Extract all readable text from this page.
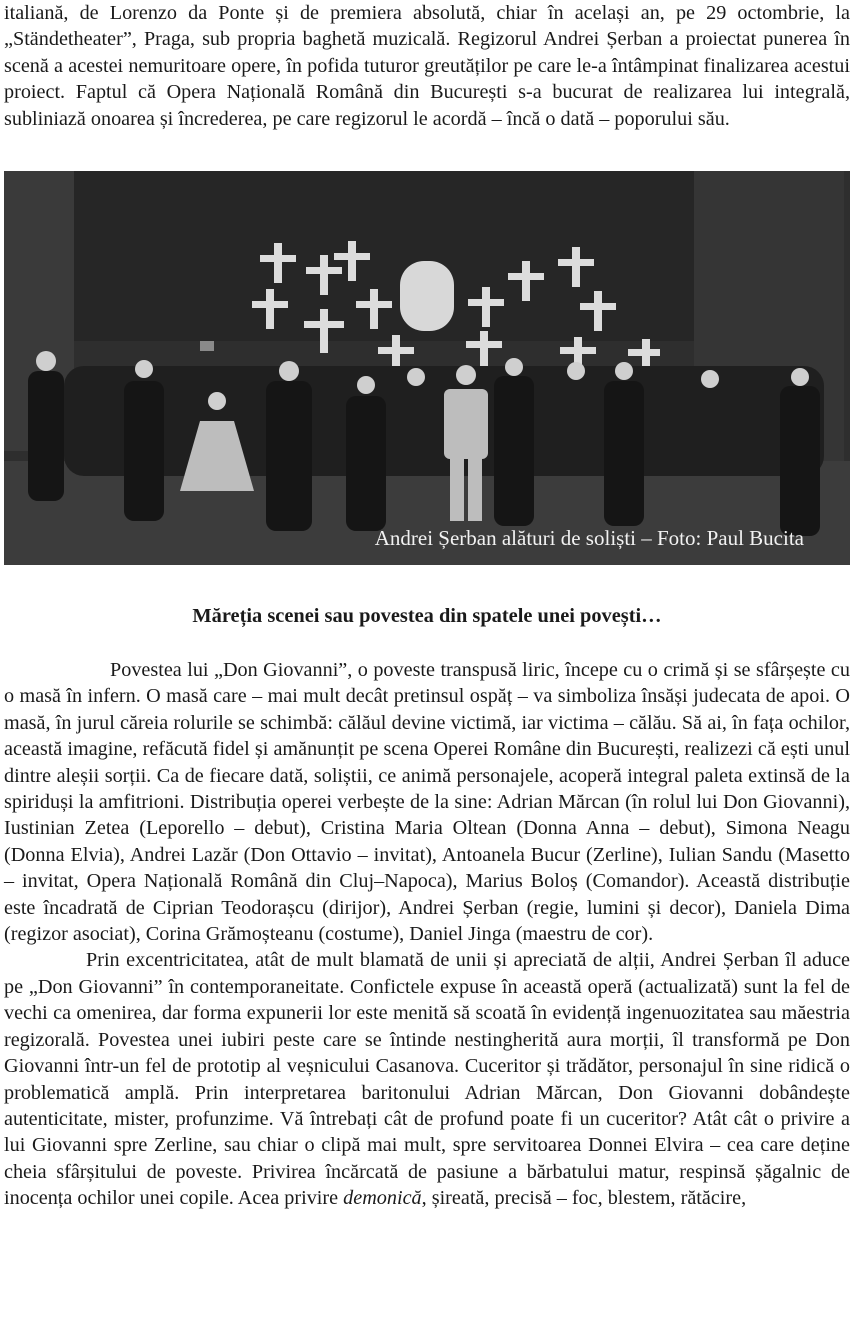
italiană, de Lorenzo da Ponte și de premiera absolută, chiar în același an, pe 29 octombrie, la „Ständetheater”, Praga, sub propria baghetă muzicală. Regizorul Andrei Șerban a proiectat punerea în scenă a acestei nemuritoare opere, în pofida tuturor greutăților pe care le-a întâmpinat finalizarea acestui proiect. Faptul că Opera Națională Română din București s-a bucurat de realizarea lui integrală, subliniază onoarea și încrederea, pe care regizorul le acordă – încă o dată – poporului său.

Andrei Șerban alături de soliști – Foto: Paul Bucita
Măreția scenei sau povestea din spatele unei povești…

Povestea lui „Don Giovanni”, o poveste transpusă liric, începe cu o crimă și se sfârșește cu o masă în infern. O masă care – mai mult decât pretinsul ospăț – va simboliza însăși judecata de apoi. O masă, în jurul căreia rolurile se schimbă: călăul devine victimă, iar victima – călău. Să ai, în fața ochilor, această imagine, refăcută fidel și amănunțit pe scena Operei Române din București, realizezi că ești unul dintre aleșii sorții. Ca de fiecare dată, soliștii, ce animă personajele, acoperă integral paleta extinsă de la spiriduși la amfitrioni. Distribuția operei verbește de la sine: Adrian Mărcan (în rolul lui Don Giovanni), Iustinian Zetea (Leporello – debut), Cristina Maria Oltean (Donna Anna – debut), Simona Neagu (Donna Elvia), Andrei Lazăr (Don Ottavio – invitat), Antoanela Bucur (Zerline), Iulian Sandu (Masetto – invitat, Opera Națională Română din Cluj–Napoca), Marius Boloș (Comandor). Această distribuție este încadrată de Ciprian Teodorașcu (dirijor), Andrei Șerban (regie, lumini și decor), Daniela Dima (regizor asociat), Corina Grămoșteanu (costume), Daniel Jinga (maestru de cor).

Prin excentricitatea, atât de mult blamată de unii și apreciată de alții, Andrei Șerban îl aduce pe „Don Giovanni” în contemporaneitate. Confictele expuse în această operă (actualizată) sunt la fel de vechi ca omenirea, dar forma expunerii lor este menită să scoată în evidență ingenuozitatea sau măestria regizorală. Povestea unei iubiri peste care se întinde nestingherită aura morții, îl transformă pe Don Giovanni într-un fel de prototip al veșnicului Casanova. Cuceritor și trădător, personajul în sine ridică o problematică amplă. Prin interpretarea baritonului Adrian Mărcan, Don Giovanni dobândește autenticitate, mister, profunzime. Vă întrebați cât de profund poate fi un cuceritor? Atât cât o privire a lui Giovanni spre Zerline, sau chiar o clipă mai mult, spre servitoarea Donnei Elvira – cea care deține cheia sfârșitului de poveste. Privirea încărcată de pasiune a bărbatului matur, respinsă șăgalnic de inocența ochilor unei copile. Acea privire demonică, șireată, precisă – foc, blestem, rătăcire,
